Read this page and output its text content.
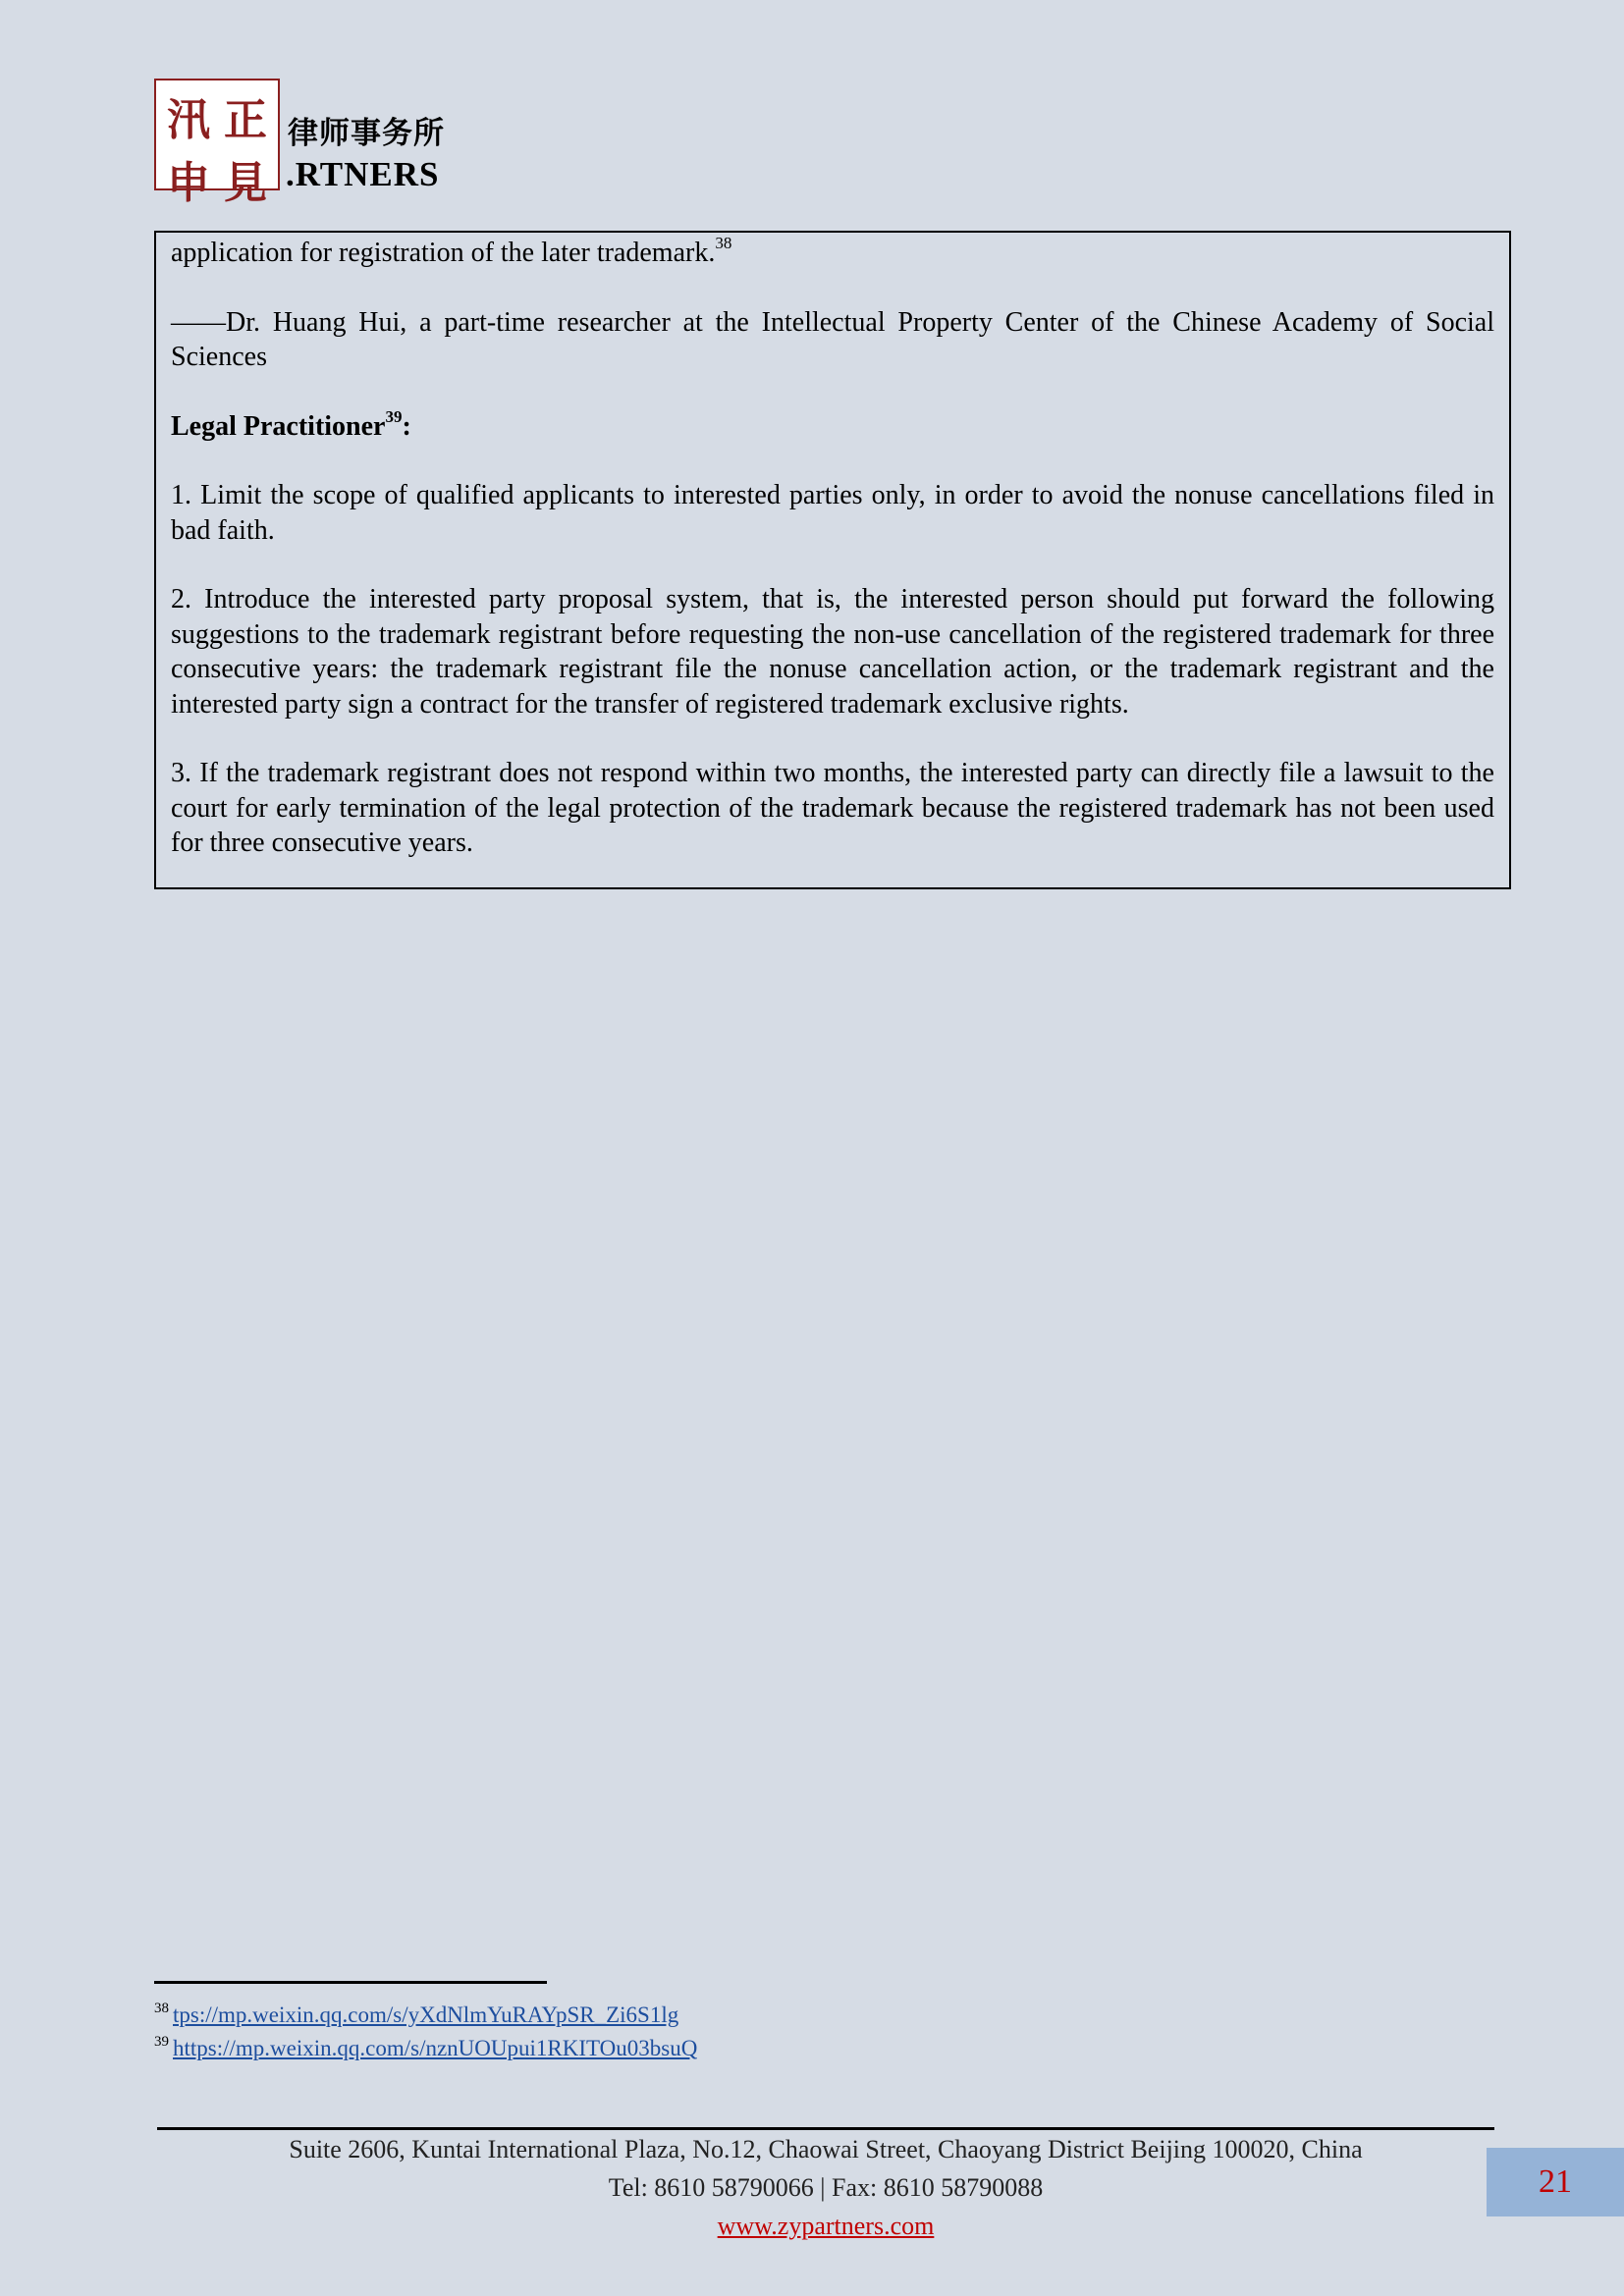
汛 正
申 見
律师事务所
.RTNERS

application for registration of the later trademark.$^{38}$

——Dr. Huang Hui, a part-time researcher at the Intellectual Property Center of the Chinese Academy of Social Sciences

Legal Practitioner$^{39}$:

1. Limit the scope of qualified applicants to interested parties only, in order to avoid the nonuse cancellations filed in bad faith.

2. Introduce the interested party proposal system, that is, the interested person should put forward the following suggestions to the trademark registrant before requesting the non-use cancellation of the registered trademark for three consecutive years: the trademark registrant file the nonuse cancellation action, or the trademark registrant and the interested party sign a contract for the transfer of registered trademark exclusive rights.

3. If the trademark registrant does not respond within two months, the interested party can directly file a lawsuit to the court for early termination of the legal protection of the trademark because the registered trademark has not been used for three consecutive years.

$^{38}$ tps://mp.weixin.qq.com/s/yXdNlmYuRAYpSR_Zi6S1lg
$^{39}$ https://mp.weixin.qq.com/s/nznUOUpui1RKITOu03bsuQ
Suite 2606, Kuntai International Plaza, No.12, Chaowai Street, Chaoyang District Beijing 100020, China
Tel: 8610 58790066 | Fax: 8610 58790088
www.zypartners.com
21
